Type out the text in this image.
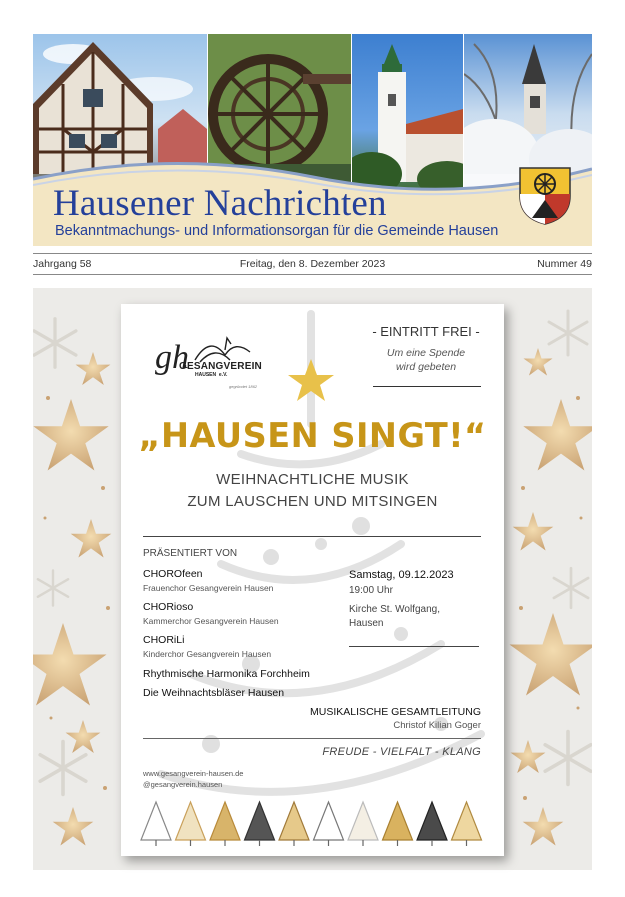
Hausener Nachrichten

Bekanntmachungs- und Informationsorgan für die Gemeinde Hausen

Jahrgang 58	Freitag, den 8. Dezember 2023	Nummer 49
gh
GESANGVEREIN
$^{HAUSEN}$ $^{e.V.}$
gegründet 1862
- EINTRITT FREI -
Um eine Spende
wird gebeten
„HAUSEN SINGT!“
WEIHNACHTLICHE MUSIK
ZUM LAUSCHEN UND MITSINGEN
PRÄSENTIERT VON
CHOROfeen
Frauenchor Gesangverein Hausen
CHORioso
Kammerchor Gesangverein Hausen
CHORiLi
Kinderchor Gesangverein Hausen
Rhythmische Harmonika Forchheim
Die Weihnachtsbläser Hausen
Samstag, 09.12.2023
19:00 Uhr
Kirche St. Wolfgang,
Hausen
MUSIKALISCHE GESAMTLEITUNG
Christof Kilian Goger
FREUDE - VIELFALT - KLANG
www.gesangverein-hausen.de
@gesangverein.hausen
